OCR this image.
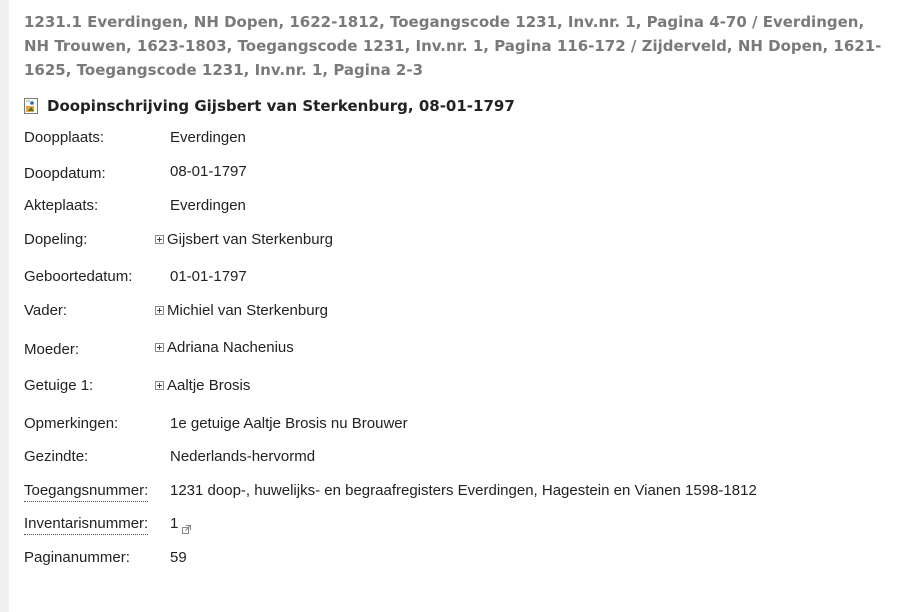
1231.1 Everdingen, NH Dopen, 1622-1812, Toegangscode 1231, Inv.nr. 1, Pagina 4-70 / Everdingen, NH Trouwen, 1623-1803, Toegangscode 1231, Inv.nr. 1, Pagina 116-172 / Zijderveld, NH Dopen, 1621-1625, Toegangscode 1231, Inv.nr. 1, Pagina 2-3
Doopinschrijving Gijsbert van Sterkenburg, 08-01-1797
Doopplaats:	Everdingen
Doopdatum:	08-01-1797
Akteplaats:	Everdingen
Dopeling:	Gijsbert van Sterkenburg
Geboortedatum:	01-01-1797
Vader:	Michiel van Sterkenburg
Moeder:	Adriana Nachenius
Getuige 1:	Aaltje Brosis
Opmerkingen:	1e getuige Aaltje Brosis nu Brouwer
Gezindte:	Nederlands-hervormd
Toegangsnummer:	1231 doop-, huwelijks- en begraafregisters Everdingen, Hagestein en Vianen 1598-1812
Inventarisnummer:	1
Paginanummer:	59
